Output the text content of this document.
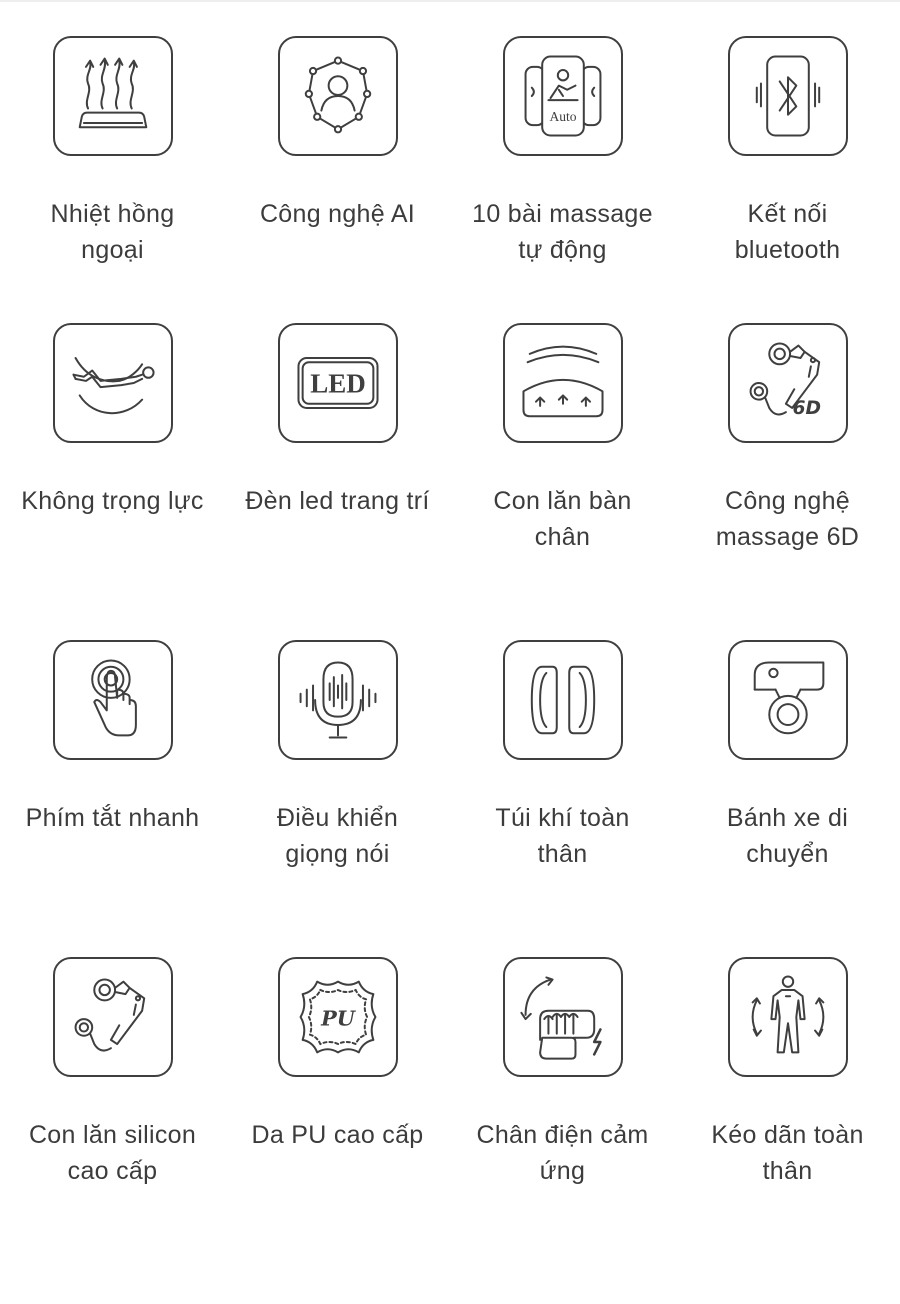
Nhiệt hồng ngoại
Công nghệ AI
Auto
10 bài massage tự động
Kết nối bluetooth
Không trọng lực
LED
Đèn led trang trí	Con lăn bàn chân
6D
Công nghệ massage 6D
Phím tắt nhanh	Điều khiển giọng nói
Túi khí toàn thân
Bánh xe di chuyển
Con lăn silicon cao cấp
PU
Da PU cao cấp	Chân điện cảm ứng
Kéo dãn toàn thân
